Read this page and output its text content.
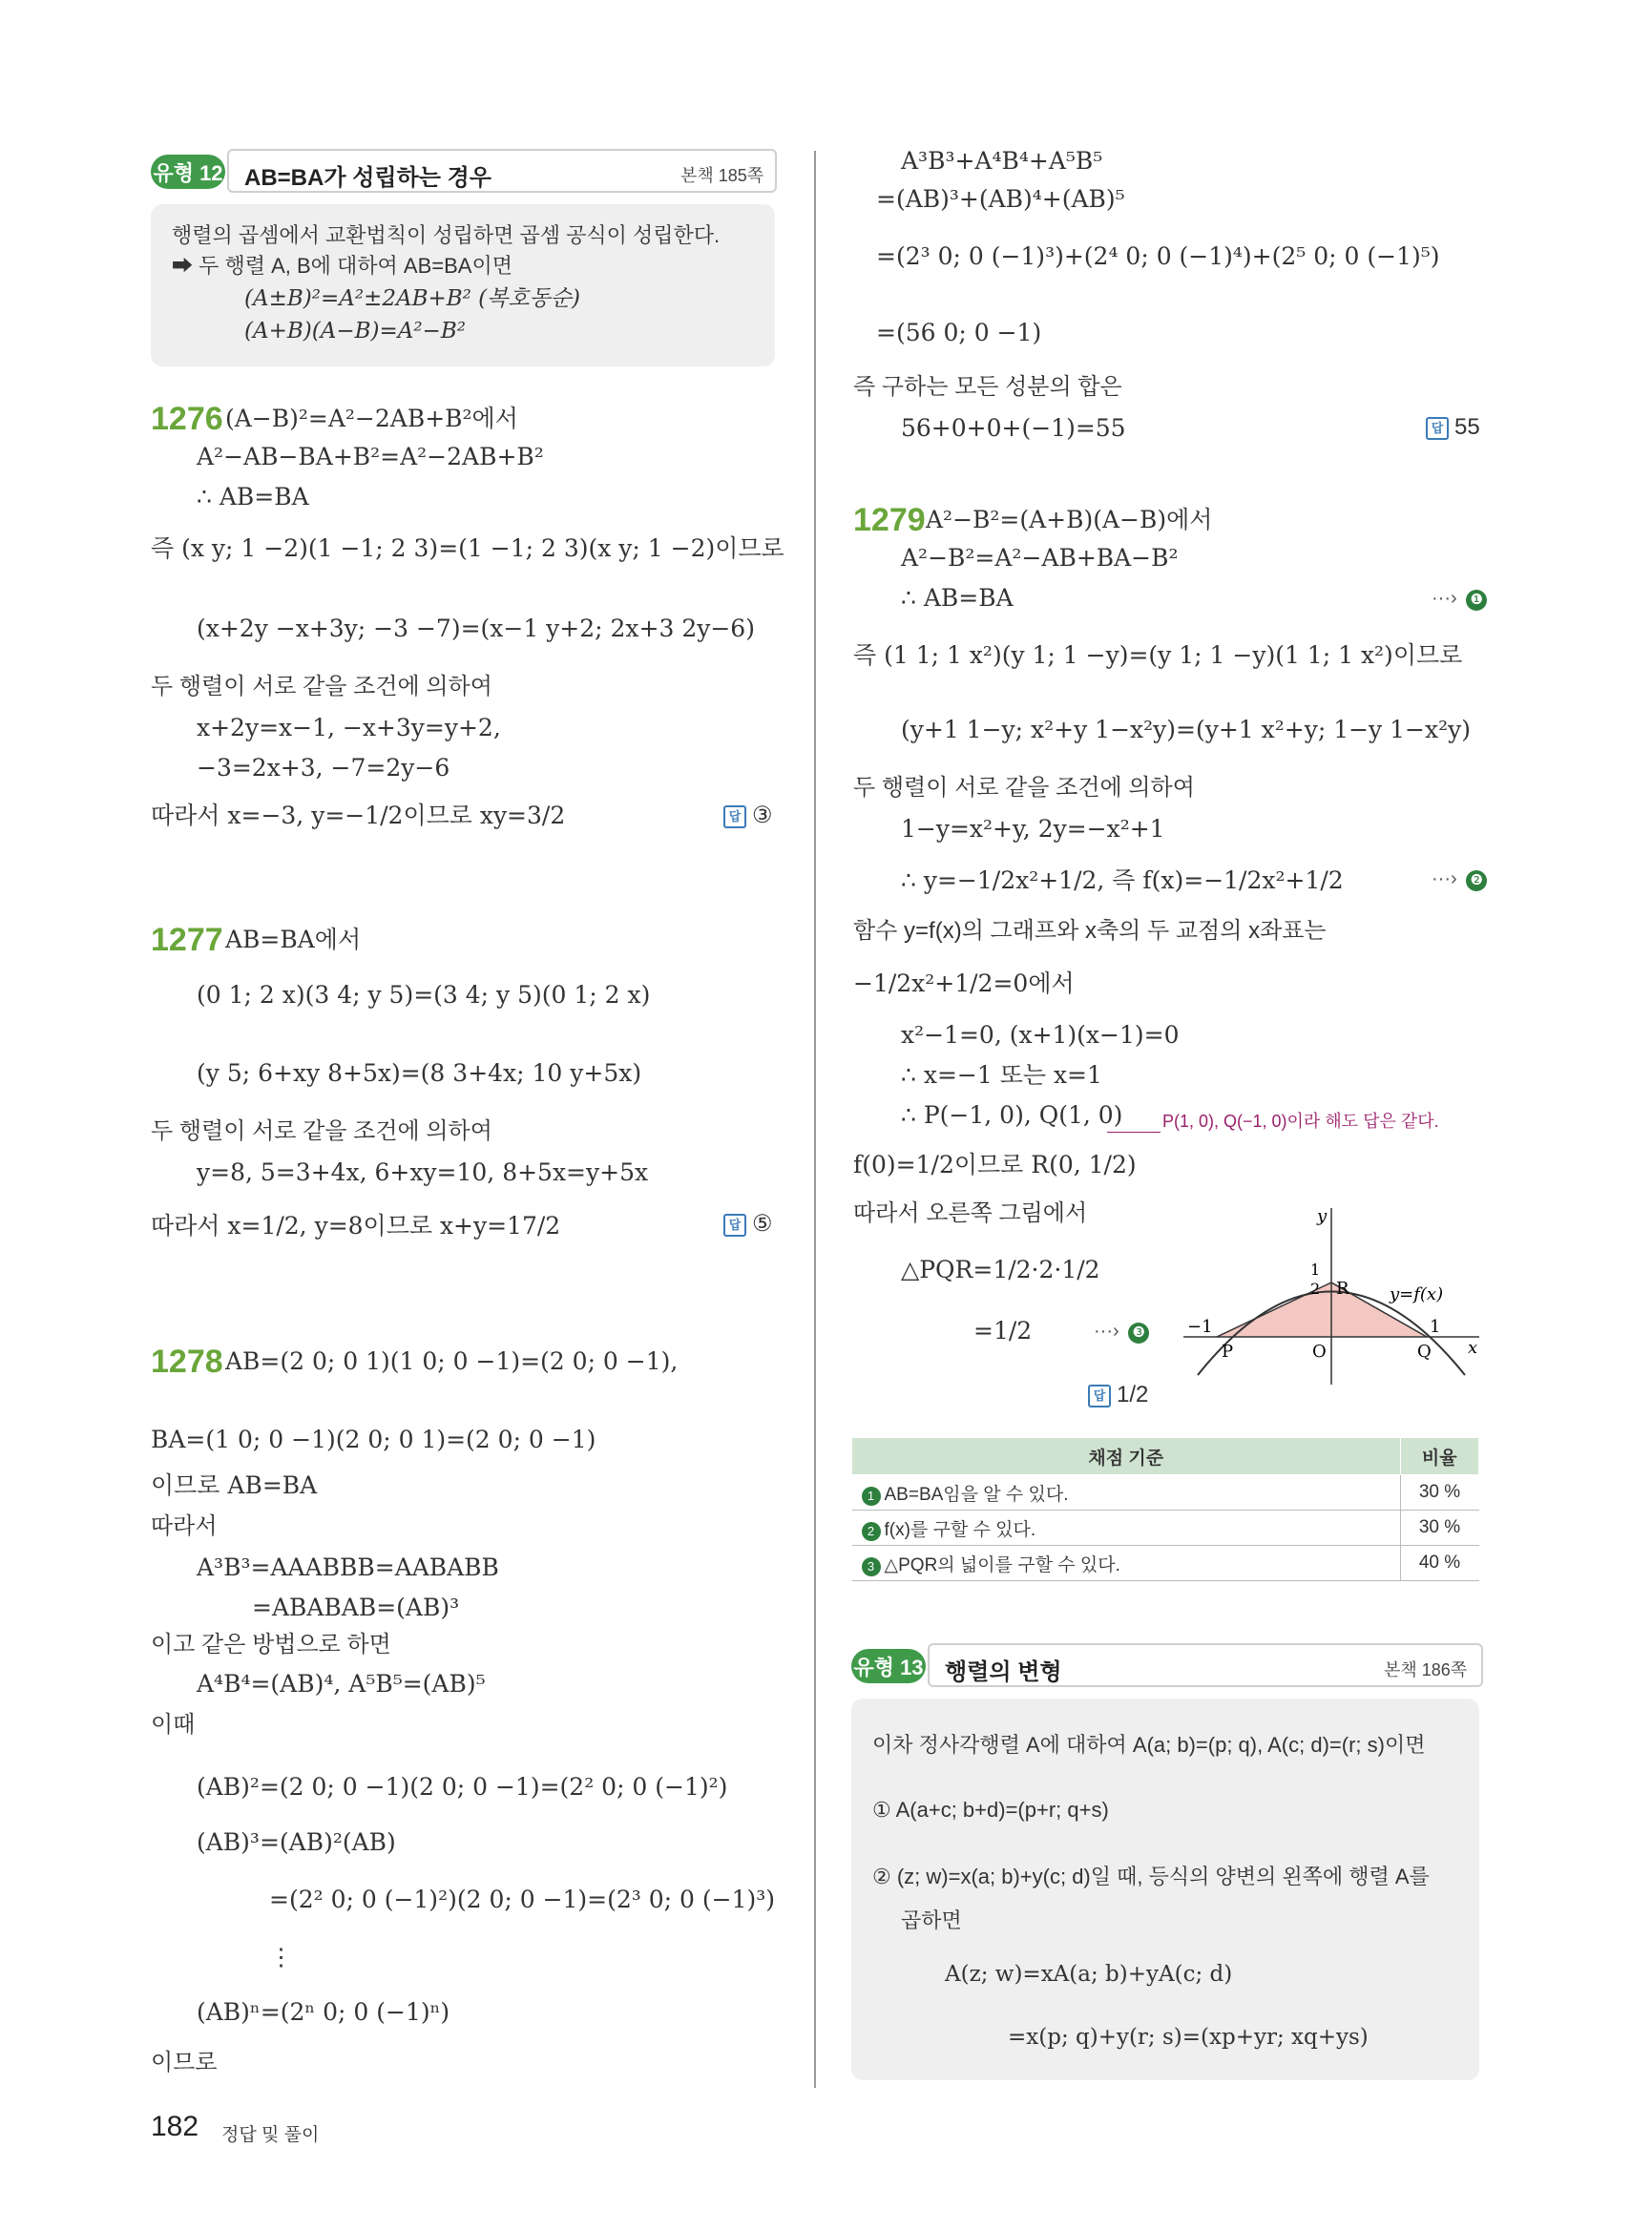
유형 12 AB=BA가 성립하는 경우	본책 185쪽
행렬의 곱셈에서 교환법칙이 성립하면 곱셈 공식이 성립한다.
➡ 두 행렬 A, B에 대하여 AB=BA이면
(A±B)²=A²±2AB+B² (복호동순)
(A+B)(A−B)=A²−B²
1276 (A−B)²=A²−2AB+B²에서
A²−AB−BA+B²=A²−2AB+B²
∴ AB=BA
즉 (x y; 1 −2)(1 −1; 2 3)=(1 −1; 2 3)(x y; 1 −2)이므로
(x+2y −x+3y; −3 −7)=(x−1 y+2; 2x+3 2y−6)
두 행렬이 서로 같을 조건에 의하여
x+2y=x−1, −x+3y=y+2,
−3=2x+3, −7=2y−6
따라서 x=−3, y=−1/2이므로 xy=3/2	답 ③
1277 AB=BA에서
(0 1; 2 x)(3 4; y 5)=(3 4; y 5)(0 1; 2 x)
(y 5; 6+xy 8+5x)=(8 3+4x; 10 y+5x)
두 행렬이 서로 같을 조건에 의하여
y=8, 5=3+4x, 6+xy=10, 8+5x=y+5x
따라서 x=1/2, y=8이므로 x+y=17/2	답 ⑤
1278 AB=(2 0; 0 1)(1 0; 0 −1)=(2 0; 0 −1),
BA=(1 0; 0 −1)(2 0; 0 1)=(2 0; 0 −1)
이므로 AB=BA
따라서
A³B³=AAABBB=AABABB
=ABABAB=(AB)³
이고 같은 방법으로 하면
A⁴B⁴=(AB)⁴, A⁵B⁵=(AB)⁵
이때
(AB)²=(2 0; 0 −1)(2 0; 0 −1)=(2² 0; 0 (−1)²)
(AB)³=(AB)²(AB)
=(2² 0; 0 (−1)²)(2 0; 0 −1)=(2³ 0; 0 (−1)³)
⋮
(AB)ⁿ=(2ⁿ 0; 0 (−1)ⁿ)
이므로
A³B³+A⁴B⁴+A⁵B⁵
=(AB)³+(AB)⁴+(AB)⁵
=(2³ 0; 0 (−1)³)+(2⁴ 0; 0 (−1)⁴)+(2⁵ 0; 0 (−1)⁵)
=(56 0; 0 −1)
즉 구하는 모든 성분의 합은
56+0+0+(−1)=55	답 55
1279 A²−B²=(A+B)(A−B)에서
A²−B²=A²−AB+BA−B²
∴ AB=BA	···› ❶
즉 (1 1; 1 x²)(y 1; 1 −y)=(y 1; 1 −y)(1 1; 1 x²)이므로
(y+1 1−y; x²+y 1−x²y)=(y+1 x²+y; 1−y 1−x²y)
두 행렬이 서로 같을 조건에 의하여
1−y=x²+y, 2y=−x²+1
∴ y=−1/2x²+1/2, 즉 f(x)=−1/2x²+1/2	···› ❷
함수 y=f(x)의 그래프와 x축의 두 교점의 x좌표는
−1/2x²+1/2=0에서
x²−1=0, (x+1)(x−1)=0
∴ x=−1 또는 x=1
∴ P(−1, 0), Q(1, 0) P(1, 0), Q(−1, 0)이라 해도 답은 같다.
f(0)=1/2이므로 R(0, 1/2)
따라서 오른쪽 그림에서
△PQR=1/2·2·1/2
=1/2	···› ❸
답 1/2
y
1
2 R y=f(x)
−1	1
x
P	O	Q
채점 기준	비율
1 AB=BA임을 알 수 있다.	30 %
2 f(x)를 구할 수 있다.	30 %
3 △PQR의 넓이를 구할 수 있다.	40 %
유형 13 행렬의 변형	본책 186쪽
이차 정사각행렬 A에 대하여 A(a; b)=(p; q), A(c; d)=(r; s)이면
① A(a+c; b+d)=(p+r; q+s)
② (z; w)=x(a; b)+y(c; d)일 때, 등식의 양변의 왼쪽에 행렬 A를
곱하면
A(z; w)=xA(a; b)+yA(c; d)
=x(p; q)+y(r; s)=(xp+yr; xq+ys)
182 정답 및 풀이
